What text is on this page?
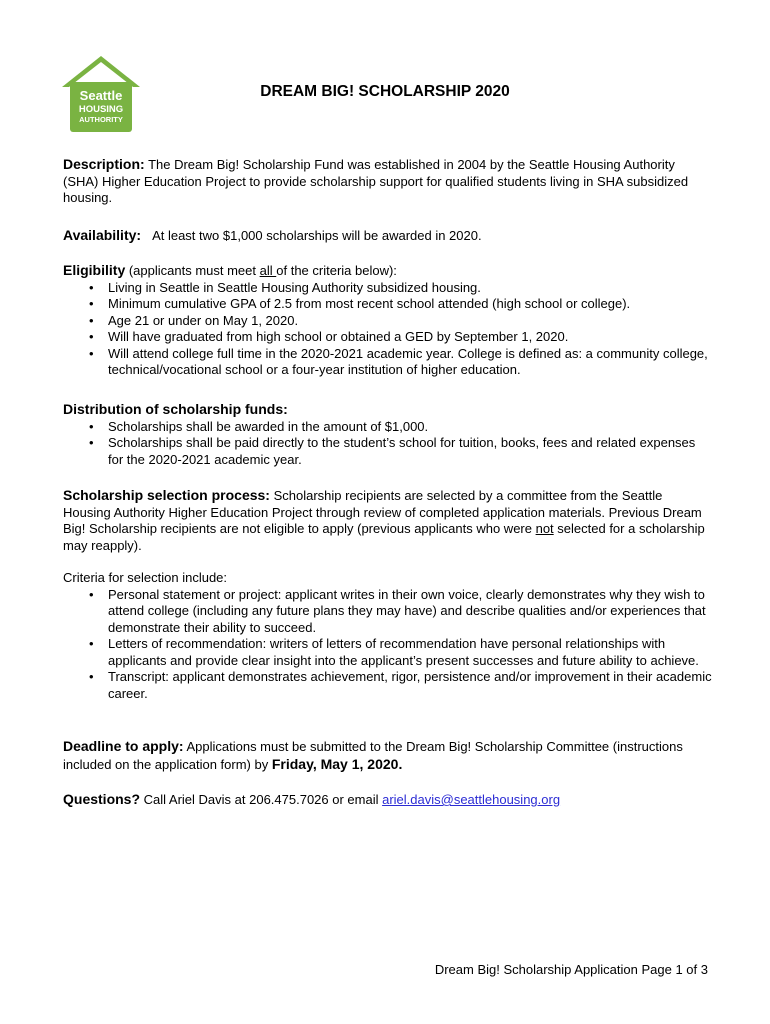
Seattle
HOUSING
AUTHORITY
DREAM BIG! SCHOLARSHIP 2020

Description: The Dream Big! Scholarship Fund was established in 2004 by the Seattle Housing Authority (SHA) Higher Education Project to provide scholarship support for qualified students living in SHA subsidized housing.

Availability: At least two $1,000 scholarships will be awarded in 2020.

Eligibility (applicants must meet all of the criteria below):

• Living in Seattle in Seattle Housing Authority subsidized housing.
• Minimum cumulative GPA of 2.5 from most recent school attended (high school or college).
• Age 21 or under on May 1, 2020.
• Will have graduated from high school or obtained a GED by September 1, 2020.
• Will attend college full time in the 2020-2021 academic year. College is defined as: a community college, technical/vocational school or a four-year institution of higher education.

Distribution of scholarship funds:

• Scholarships shall be awarded in the amount of $1,000.
• Scholarships shall be paid directly to the student’s school for tuition, books, fees and related expenses for the 2020-2021 academic year.

Scholarship selection process: Scholarship recipients are selected by a committee from the Seattle Housing Authority Higher Education Project through review of completed application materials. Previous Dream Big! Scholarship recipients are not eligible to apply (previous applicants who were not selected for a scholarship may reapply).

Criteria for selection include:

• Personal statement or project: applicant writes in their own voice, clearly demonstrates why they wish to attend college (including any future plans they may have) and describe qualities and/or experiences that demonstrate their ability to succeed.
• Letters of recommendation: writers of letters of recommendation have personal relationships with applicants and provide clear insight into the applicant’s present successes and future ability to achieve.
• Transcript: applicant demonstrates achievement, rigor, persistence and/or improvement in their academic career.

Deadline to apply: Applications must be submitted to the Dream Big! Scholarship Committee (instructions included on the application form) by Friday, May 1, 2020.

Questions? Call Ariel Davis at 206.475.7026 or email ariel.davis@seattlehousing.org

Dream Big! Scholarship Application Page 1 of 3
